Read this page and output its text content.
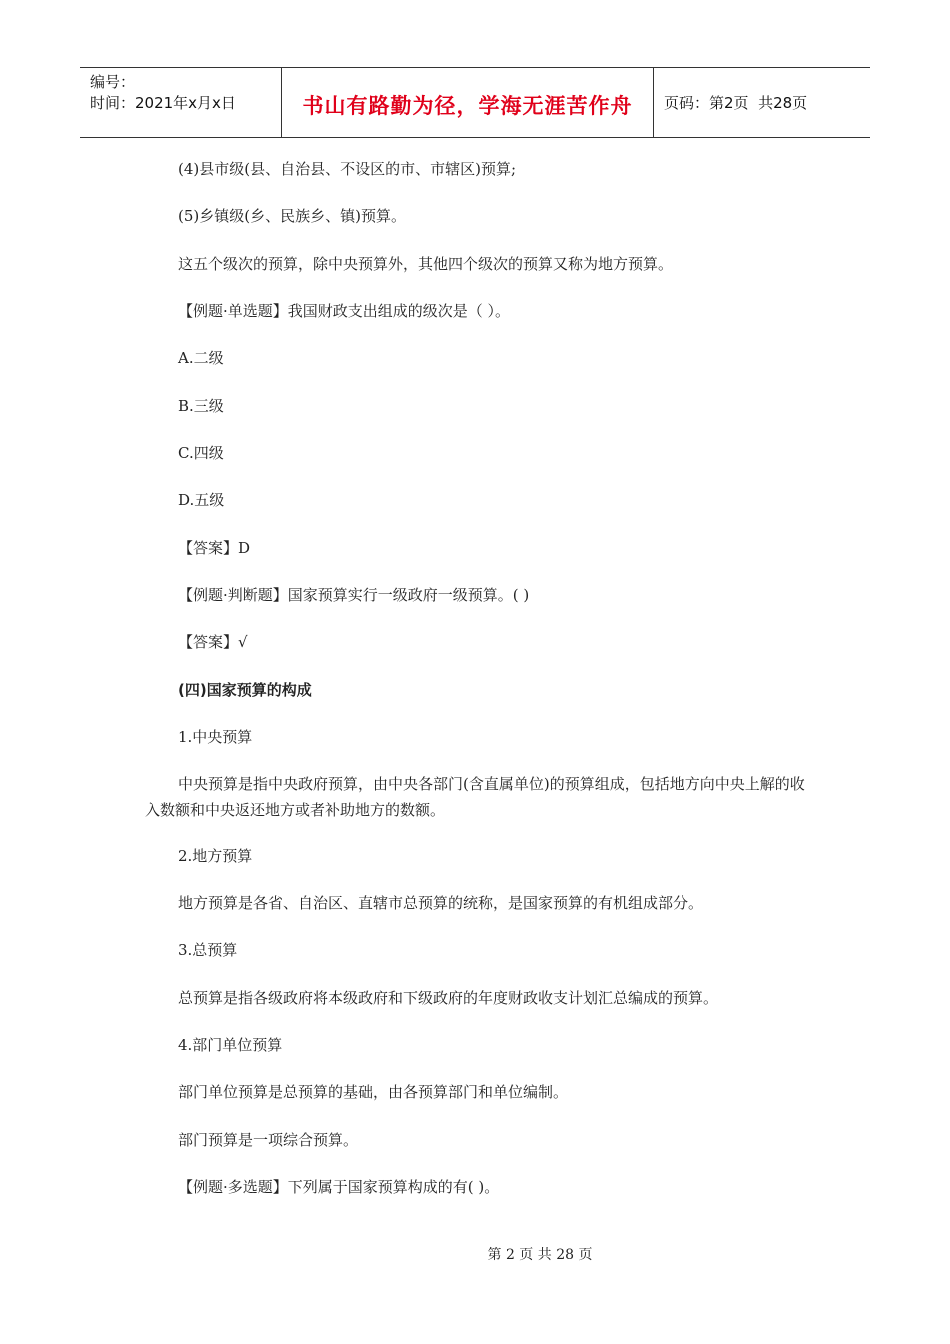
编号：
时间：2021年x月x日	书山有路勤为径，学海无涯苦作舟 页码：第2页  共28页

(4)县市级(县、自治县、不设区的市、市辖区)预算;

(5)乡镇级(乡、民族乡、镇)预算。

这五个级次的预算，除中央预算外，其他四个级次的预算又称为地方预算。

【例题·单选题】我国财政支出组成的级次是（ ）。

A.二级

B.三级

C.四级

D.五级

【答案】D

【例题·判断题】国家预算实行一级政府一级预算。( )

【答案】√

(四)国家预算的构成

1.中央预算

中央预算是指中央政府预算，由中央各部门(含直属单位)的预算组成，包括地方向中央上解的收入数额和中央返还地方或者补助地方的数额。

2.地方预算

地方预算是各省、自治区、直辖市总预算的统称，是国家预算的有机组成部分。

3.总预算

总预算是指各级政府将本级政府和下级政府的年度财政收支计划汇总编成的预算。

4.部门单位预算

部门单位预算是总预算的基础，由各预算部门和单位编制。

部门预算是一项综合预算。

【例题·多选题】下列属于国家预算构成的有( )。

第 2 页 共 28 页
